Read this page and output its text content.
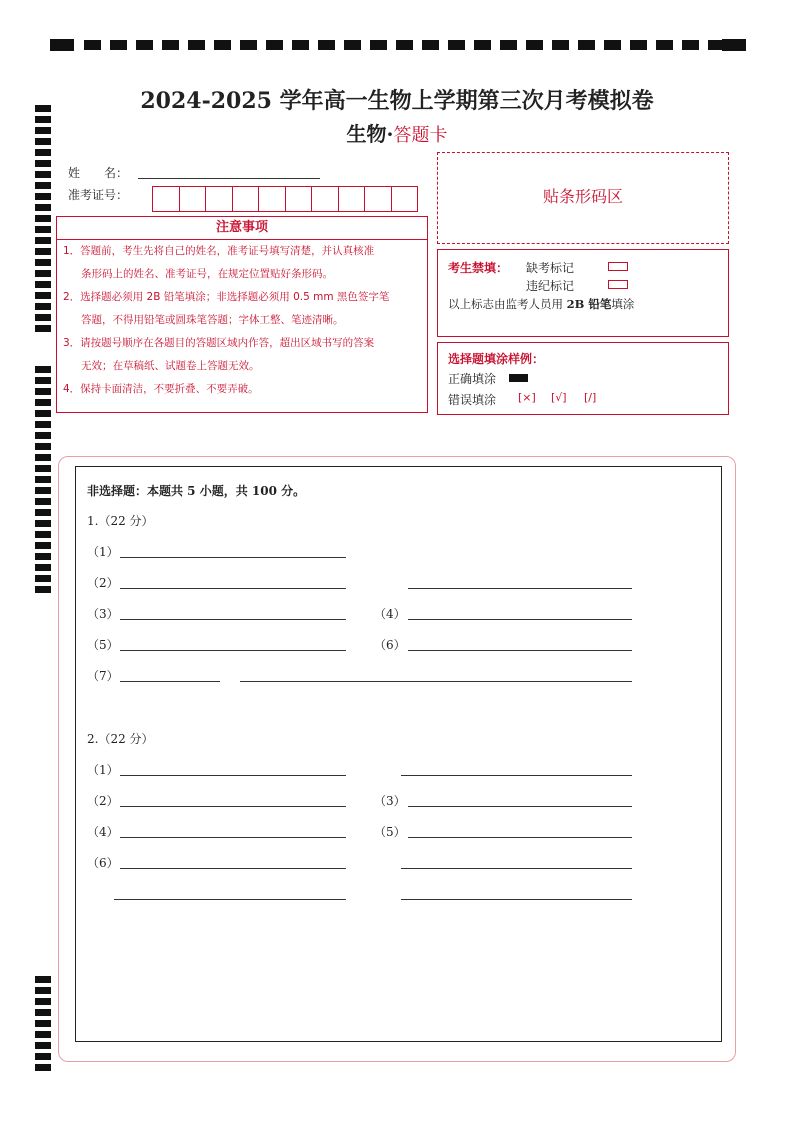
2024-2025 学年高一生物上学期第三次月考模拟卷
生物·答题卡
姓　　名：
准考证号：
注意事项
1．答题前，考生先将自己的姓名，准考证号填写清楚，并认真核准
条形码上的姓名、准考证号，在规定位置贴好条形码。
2．选择题必须用 2B 铅笔填涂；非选择题必须用 0.5 mm 黑色签字笔
答题，不得用铅笔或圆珠笔答题；字体工整、笔迹清晰。
3．请按题号顺序在各题目的答题区域内作答，超出区域书写的答案
无效；在草稿纸、试题卷上答题无效。
4．保持卡面清洁，不要折叠、不要弄破。
贴条形码区
考生禁填： 缺考标记
违纪标记
以上标志由监考人员用 2B 铅笔填涂
选择题填涂样例：
正确填涂
错误填涂 [×] [√] [/]
非选择题：本题共 5 小题，共 100 分。
1.（22 分）
（1）
（2）
（3）	（4）
（5）	（6）
（7）
2.（22 分）
（1）
（2）	（3）
（4）	（5）
（6）
